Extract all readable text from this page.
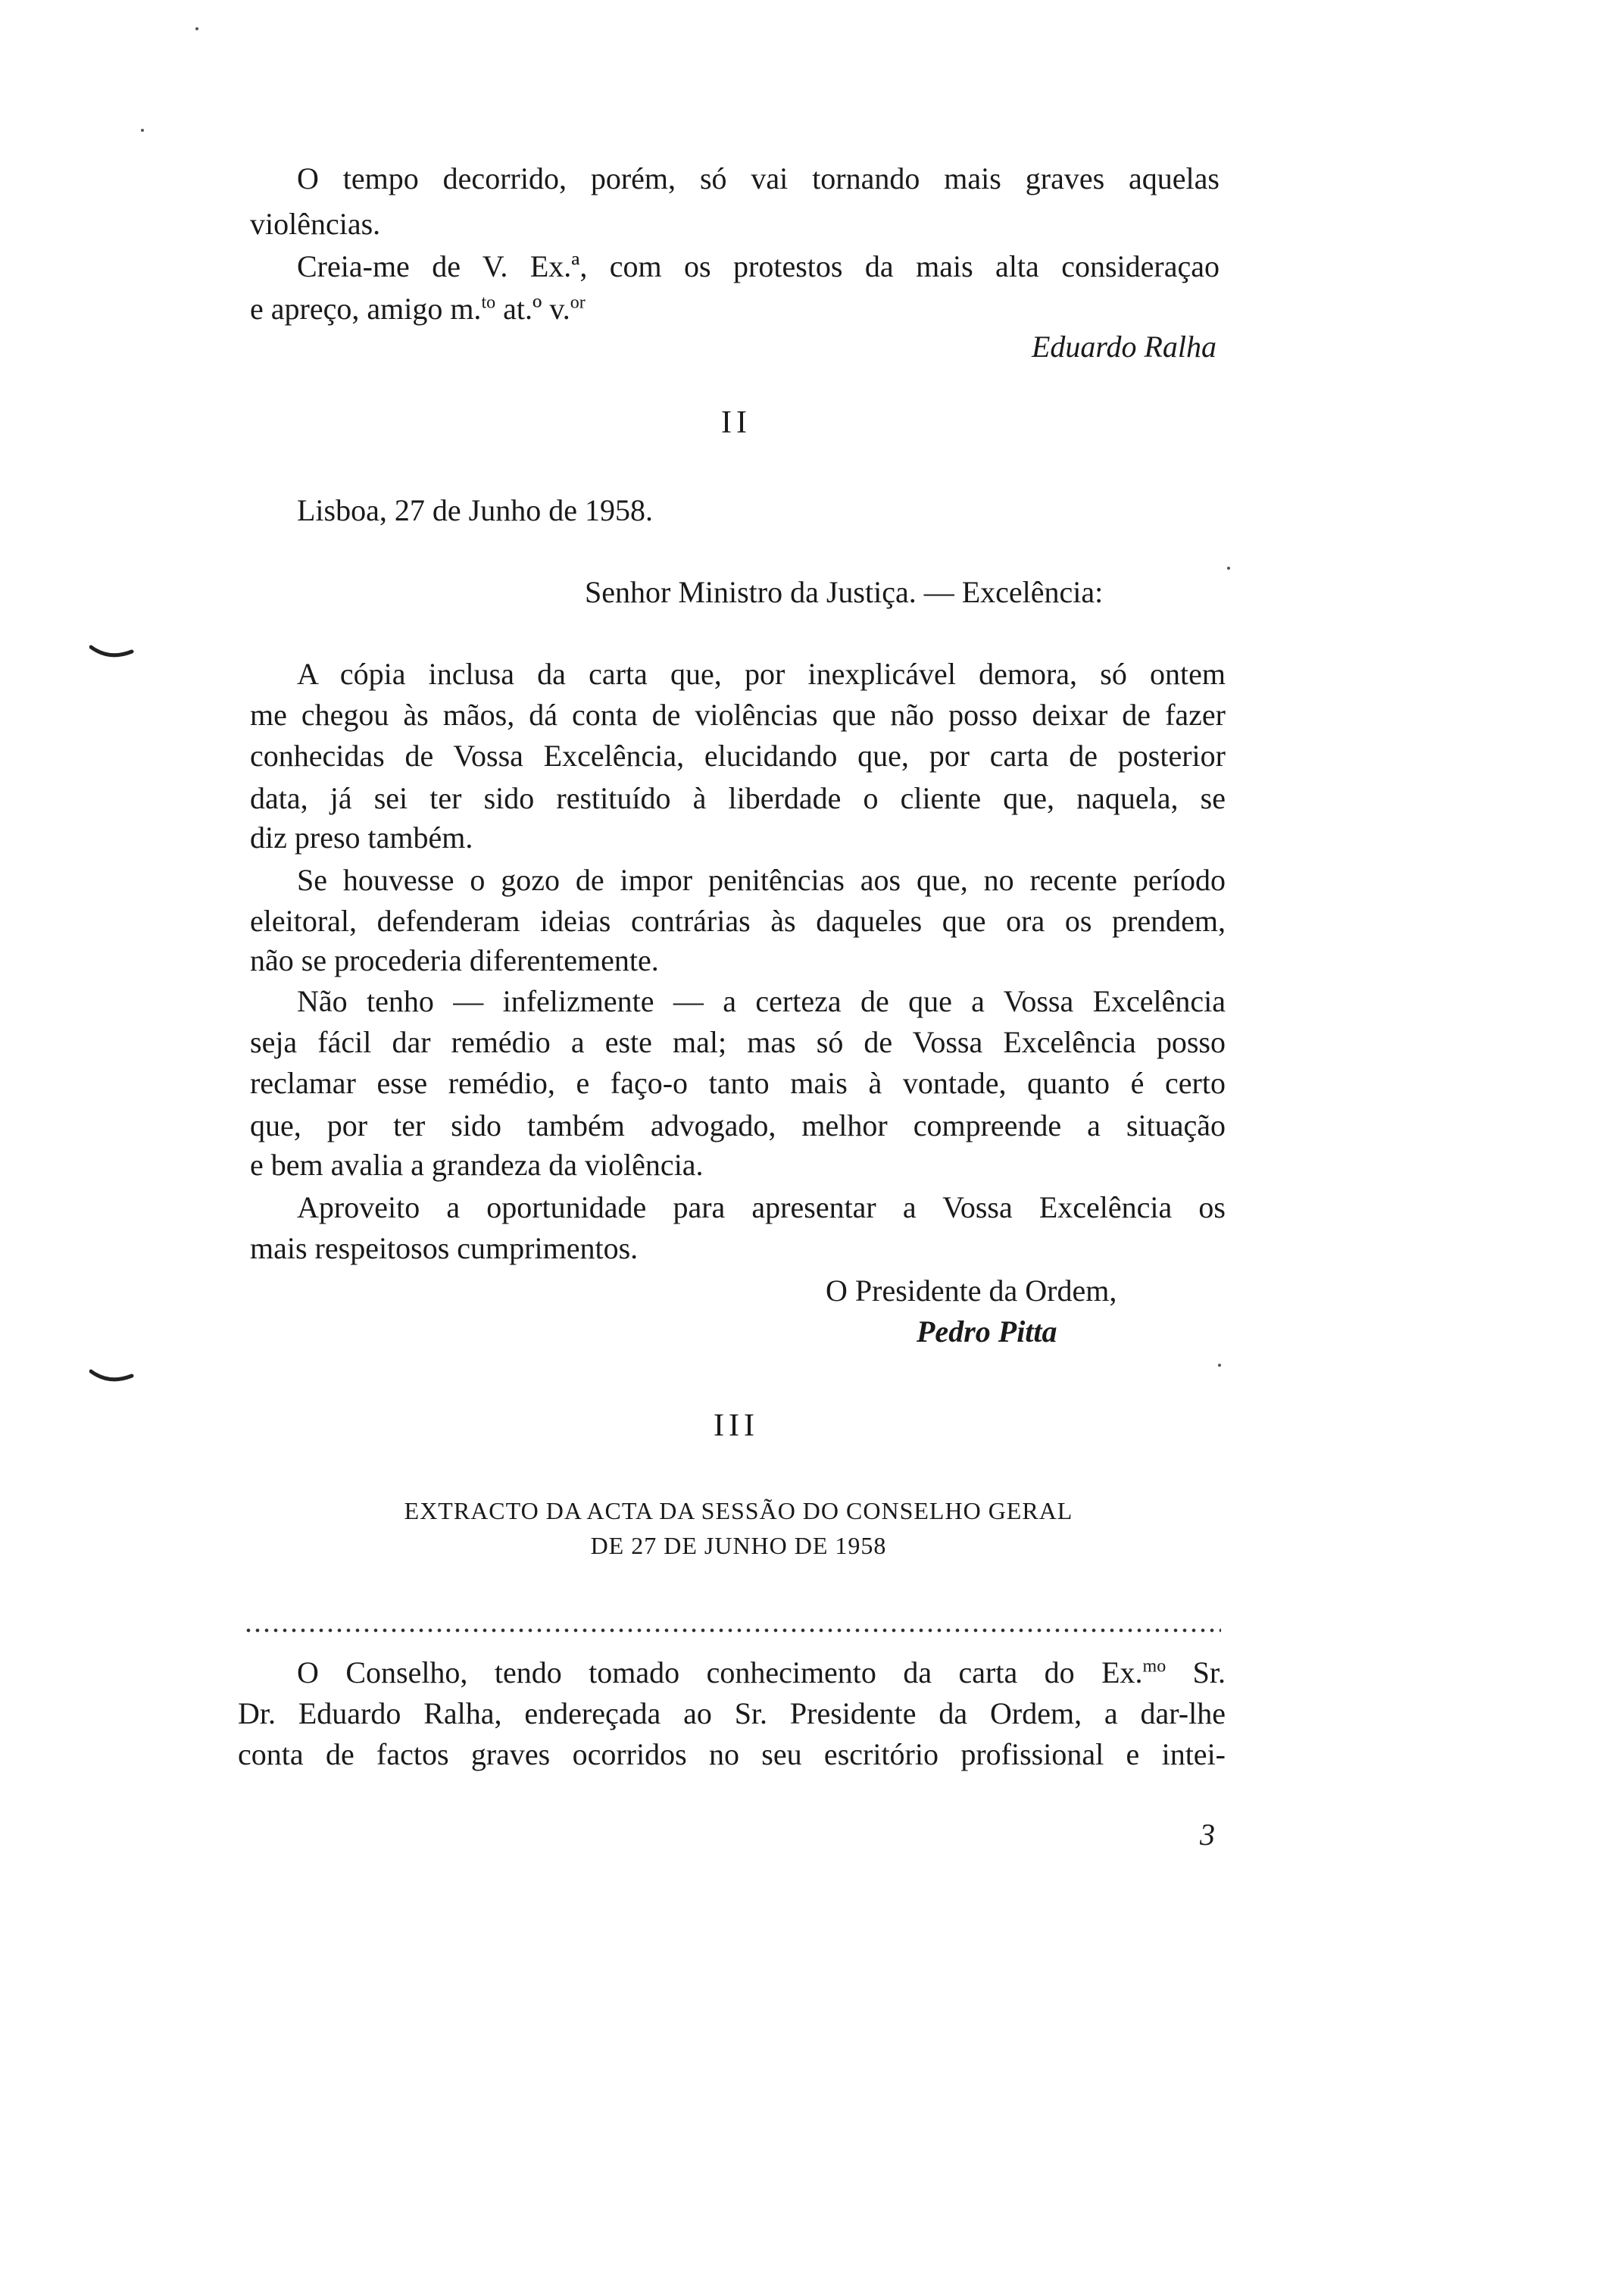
O tempo decorrido, porém, só vai tornando mais graves aquelas
violências.
Creia-me de V. Ex.ª, com os protestos da mais alta consideraçao
e apreço, amigo m.$^{to}$ at.º v.$^{or}$
Eduardo Ralha
II
Lisboa, 27 de Junho de 1958.
Senhor Ministro da Justiça. — Excelência:
A cópia inclusa da carta que, por inexplicável demora, só ontem
me chegou às mãos, dá conta de violências que não posso deixar de fazer
conhecidas de Vossa Excelência, elucidando que, por carta de posterior
data, já sei ter sido restituído à liberdade o cliente que, naquela, se
diz preso também.
Se houvesse o gozo de impor penitências aos que, no recente período
eleitoral, defenderam ideias contrárias às daqueles que ora os prendem,
não se procederia diferentemente.
Não tenho — infelizmente — a certeza de que a Vossa Excelência
seja fácil dar remédio a este mal; mas só de Vossa Excelência posso
reclamar esse remédio, e faço-o tanto mais à vontade, quanto é certo
que, por ter sido também advogado, melhor compreende a situação
e bem avalia a grandeza da violência.
Aproveito a oportunidade para apresentar a Vossa Excelência os
mais respeitosos cumprimentos.
O Presidente da Ordem,
Pedro Pitta
III
EXTRACTO DA ACTA DA SESSÃO DO CONSELHO GERAL
DE 27 DE JUNHO DE 1958
O Conselho, tendo tomado conhecimento da carta do Ex.$^{mo}$ Sr.
Dr. Eduardo Ralha, endereçada ao Sr. Presidente da Ordem, a dar-lhe
conta de factos graves ocorridos no seu escritório profissional e intei-
3
